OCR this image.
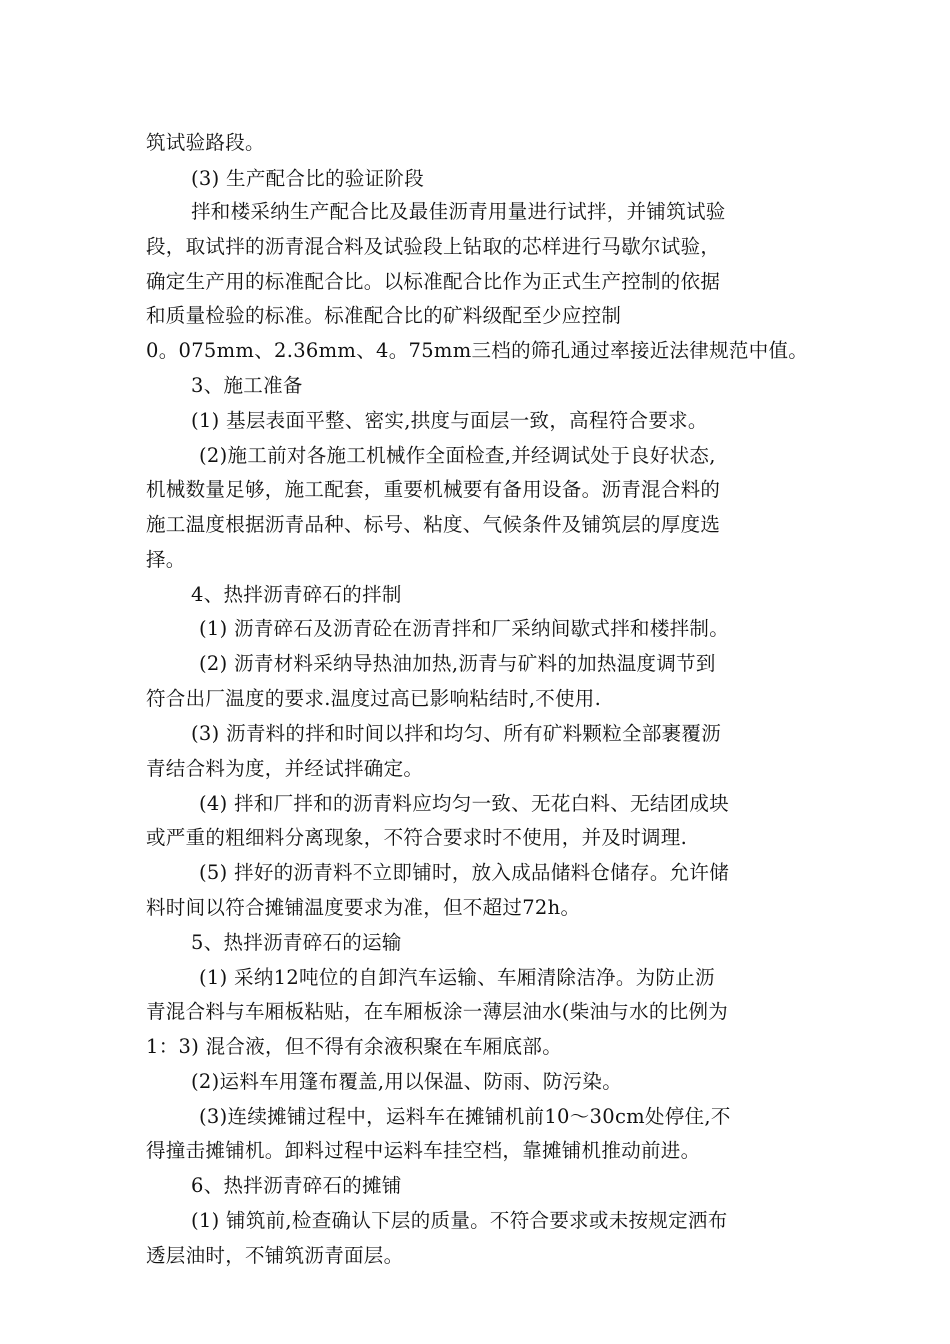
筑试验路段。
(3) 生产配合比的验证阶段
拌和楼采纳生产配合比及最佳沥青用量进行试拌，并铺筑试验
段，取试拌的沥青混合料及试验段上钻取的芯样进行马歇尔试验，
确定生产用的标准配合比。以标准配合比作为正式生产控制的依据
和质量检验的标准。标准配合比的矿料级配至少应控制
0。075mm、2.36mm、4。75mm三档的筛孔通过率接近法律规范中值。
3、施工准备
(1) 基层表面平整、密实,拱度与面层一致，高程符合要求。
(2)施工前对各施工机械作全面检查,并经调试处于良好状态,
机械数量足够，施工配套，重要机械要有备用设备。沥青混合料的
施工温度根据沥青品种、标号、粘度、气候条件及铺筑层的厚度选
择。
4、热拌沥青碎石的拌制
(1) 沥青碎石及沥青砼在沥青拌和厂采纳间歇式拌和楼拌制。
(2) 沥青材料采纳导热油加热,沥青与矿料的加热温度调节到
符合出厂温度的要求.温度过高已影响粘结时,不使用.
(3) 沥青料的拌和时间以拌和均匀、所有矿料颗粒全部裹覆沥
青结合料为度，并经试拌确定。
(4) 拌和厂拌和的沥青料应均匀一致、无花白料、无结团成块
或严重的粗细料分离现象，不符合要求时不使用，并及时调理.
(5) 拌好的沥青料不立即铺时，放入成品储料仓储存。允许储
料时间以符合摊铺温度要求为准，但不超过72h。
5、热拌沥青碎石的运输
(1) 采纳12吨位的自卸汽车运输、车厢清除洁净。为防止沥
青混合料与车厢板粘贴，在车厢板涂一薄层油水(柴油与水的比例为
1：3) 混合液，但不得有余液积聚在车厢底部。
(2)运料车用篷布覆盖,用以保温、防雨、防污染。
(3)连续摊铺过程中，运料车在摊铺机前10～30cm处停住,不
得撞击摊铺机。卸料过程中运料车挂空档，靠摊铺机推动前进。
6、热拌沥青碎石的摊铺
(1) 铺筑前,检查确认下层的质量。不符合要求或未按规定洒布
透层油时，不铺筑沥青面层。
